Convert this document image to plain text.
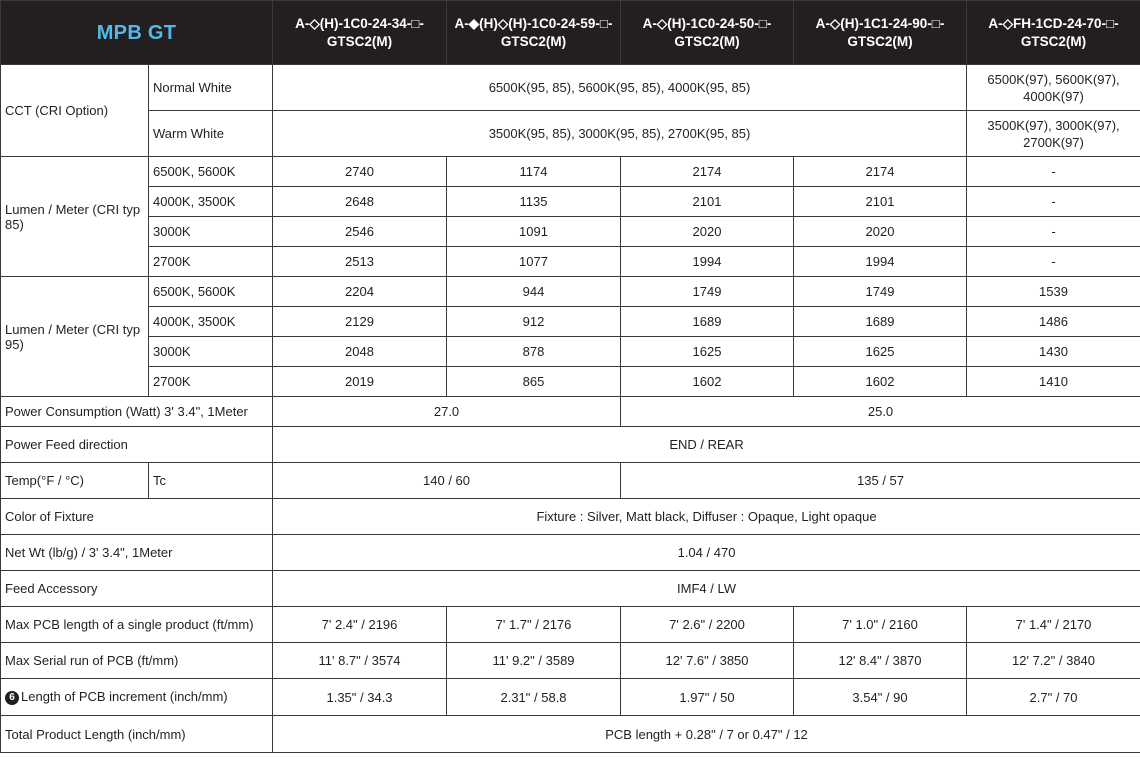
MPB GT		A-◇(H)-1C0-24-34-□-GTSC2(M)	A-◆(H)◇(H)-1C0-24-59-□-GTSC2(M)	A-◇(H)-1C0-24-50-□-GTSC2(M)	A-◇(H)-1C1-24-90-□-GTSC2(M)	A-◇FH-1CD-24-70-□-GTSC2(M)
CCT (CRI Option)	Normal White	6500K(95, 85), 5600K(95, 85), 4000K(95, 85)				6500K(97), 5600K(97), 4000K(97)
	Warm White	3500K(95, 85), 3000K(95, 85), 2700K(95, 85)				3500K(97), 3000K(97), 2700K(97)
Lumen / Meter (CRI typ 85)	6500K, 5600K	2740	1174	2174	2174	-
	4000K, 3500K	2648	1135	2101	2101	-
	3000K	2546	1091	2020	2020	-
	2700K	2513	1077	1994	1994	-
Lumen / Meter (CRI typ 95)	6500K, 5600K	2204	944	1749	1749	1539
	4000K, 3500K	2129	912	1689	1689	1486
	3000K	2048	878	1625	1625	1430
	2700K	2019	865	1602	1602	1410
Power Consumption (Watt) 3' 3.4", 1Meter		27.0		25.0		
Power Feed direction		END / REAR				
Temp(°F / °C)	Tc	140 / 60		135 / 57		
Color of Fixture		Fixture : Silver, Matt black, Diffuser : Opaque, Light opaque				
Net Wt (lb/g) / 3' 3.4", 1Meter		1.04 / 470				
Feed Accessory		IMF4 / LW				
Max PCB length of a single product (ft/mm)		7' 2.4" / 2196	7' 1.7" / 2176	7' 2.6" / 2200	7' 1.0" / 2160	7' 1.4" / 2170
Max Serial run of PCB (ft/mm)		11' 8.7" / 3574	11' 9.2" / 3589	12' 7.6" / 3850	12' 8.4" / 3870	12' 7.2" / 3840
6 Length of PCB increment (inch/mm)		1.35" / 34.3	2.31" / 58.8	1.97" / 50	3.54" / 90	2.7" / 70
Total Product Length (inch/mm)		PCB length + 0.28" / 7 or 0.47" / 12				
